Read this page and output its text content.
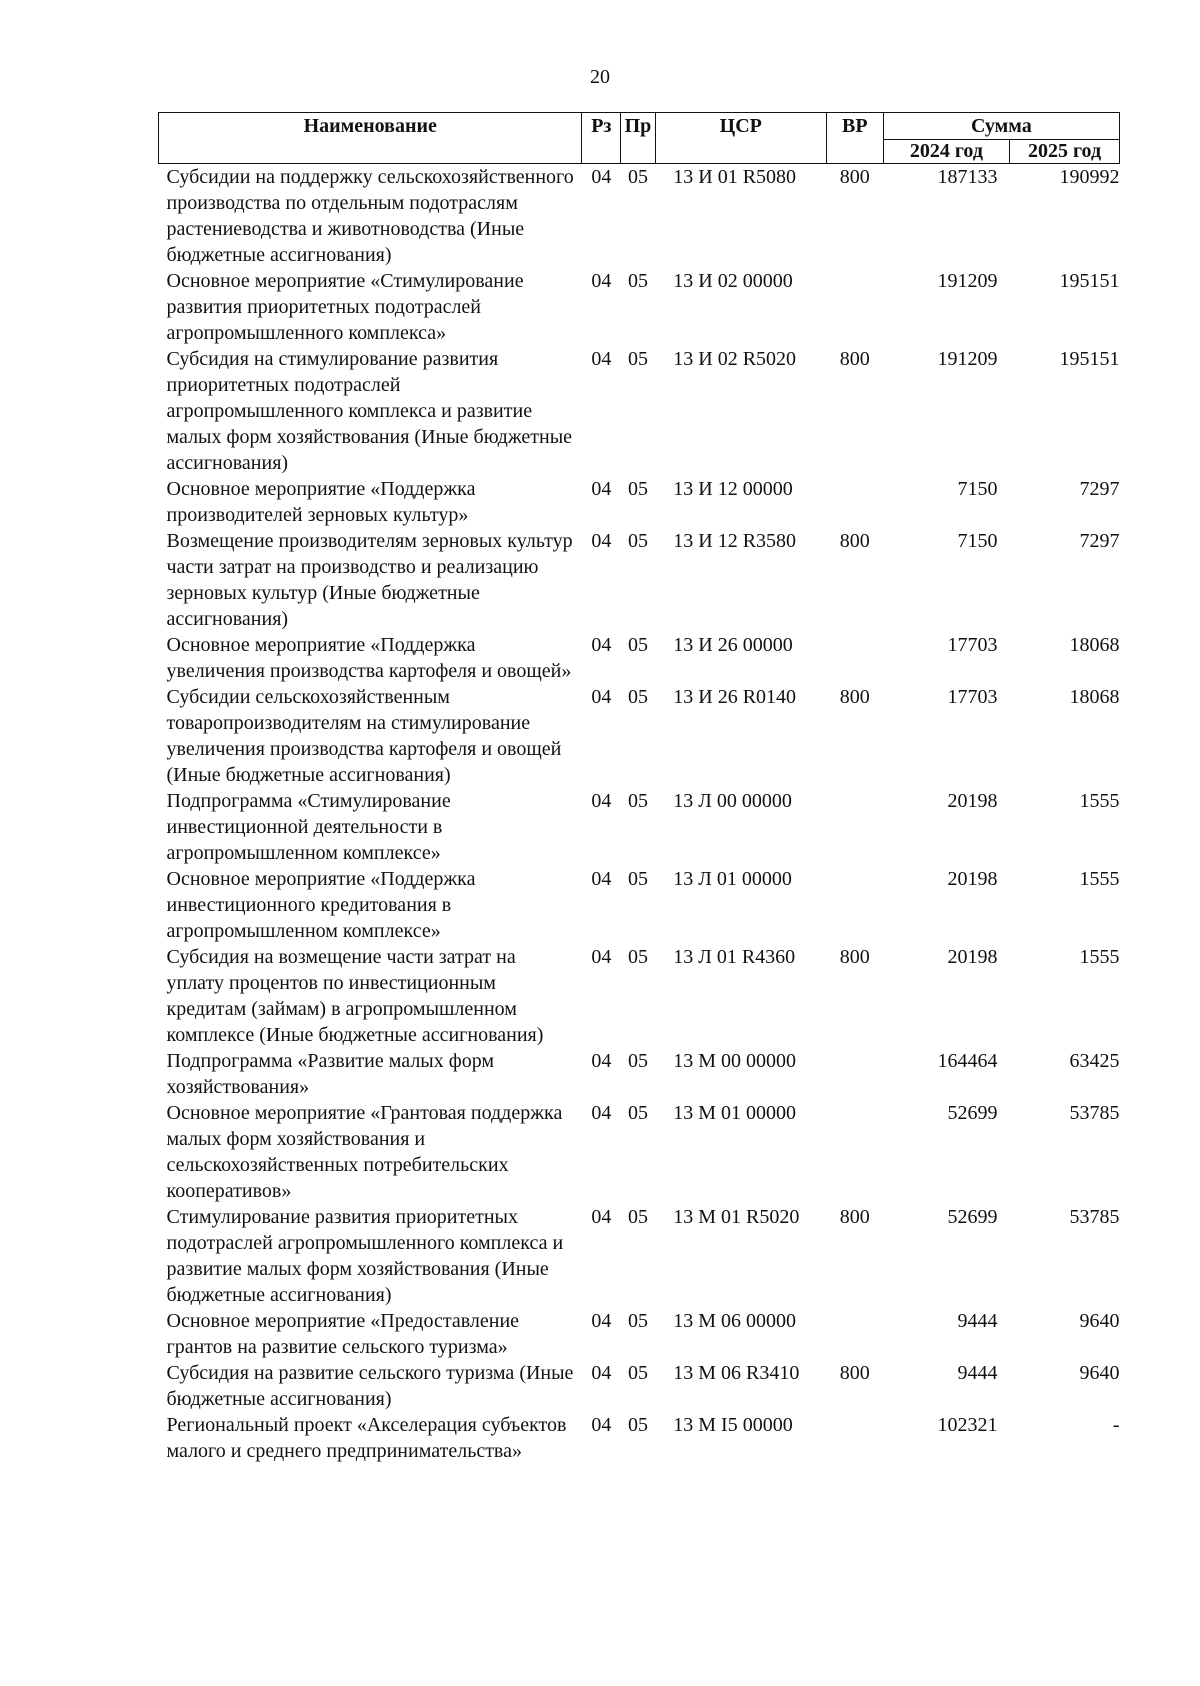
20
Наименование	Рз	Пр	ЦСР	ВР	Сумма	
					2024 год	2025 год
Субсидии на поддержку сельскохозяйственного производства по отдельным подотраслям растениеводства и животноводства (Иные бюджетные ассигнования)	04	05	13 И 01 R5080	800	187133	190992
Основное мероприятие «Стимулирование развития приоритетных подотраслей агропромышленного комплекса»	04	05	13 И 02 00000		191209	195151
Субсидия на стимулирование развития приоритетных подотраслей агропромышленного комплекса и развитие малых форм хозяйствования (Иные бюджетные ассигнования)	04	05	13 И 02 R5020	800	191209	195151
Основное мероприятие «Поддержка производителей зерновых культур»	04	05	13 И 12 00000		7150	7297
Возмещение производителям зерновых культур части затрат на производство и реализацию зерновых культур (Иные бюджетные ассигнования)	04	05	13 И 12 R3580	800	7150	7297
Основное мероприятие «Поддержка увеличения производства картофеля и овощей»	04	05	13 И 26 00000		17703	18068
Субсидии сельскохозяйственным товаропроизводителям на стимулирование увеличения производства картофеля и овощей (Иные бюджетные ассигнования)	04	05	13 И 26 R0140	800	17703	18068
Подпрограмма «Стимулирование инвестиционной деятельности в агропромышленном комплексе»	04	05	13 Л 00 00000		20198	1555
Основное мероприятие «Поддержка инвестиционного кредитования в агропромышленном комплексе»	04	05	13 Л 01 00000		20198	1555
Субсидия на возмещение части затрат на уплату процентов по инвестиционным кредитам (займам) в агропромышленном комплексе (Иные бюджетные ассигнования)	04	05	13 Л 01 R4360	800	20198	1555
Подпрограмма «Развитие малых форм хозяйствования»	04	05	13 М 00 00000		164464	63425
Основное мероприятие «Грантовая поддержка малых форм хозяйствования и сельскохозяйственных потребительских кооперативов»	04	05	13 М 01 00000		52699	53785
Стимулирование развития приоритетных подотраслей агропромышленного комплекса и развитие малых форм хозяйствования (Иные бюджетные ассигнования)	04	05	13 М 01 R5020	800	52699	53785
Основное мероприятие «Предоставление грантов на развитие сельского туризма»	04	05	13 М 06 00000		9444	9640
Субсидия на развитие сельского туризма (Иные бюджетные ассигнования)	04	05	13 М 06 R3410	800	9444	9640
Региональный проект «Акселерация субъектов малого и среднего предпринимательства»	04	05	13 М I5 00000		102321	-
